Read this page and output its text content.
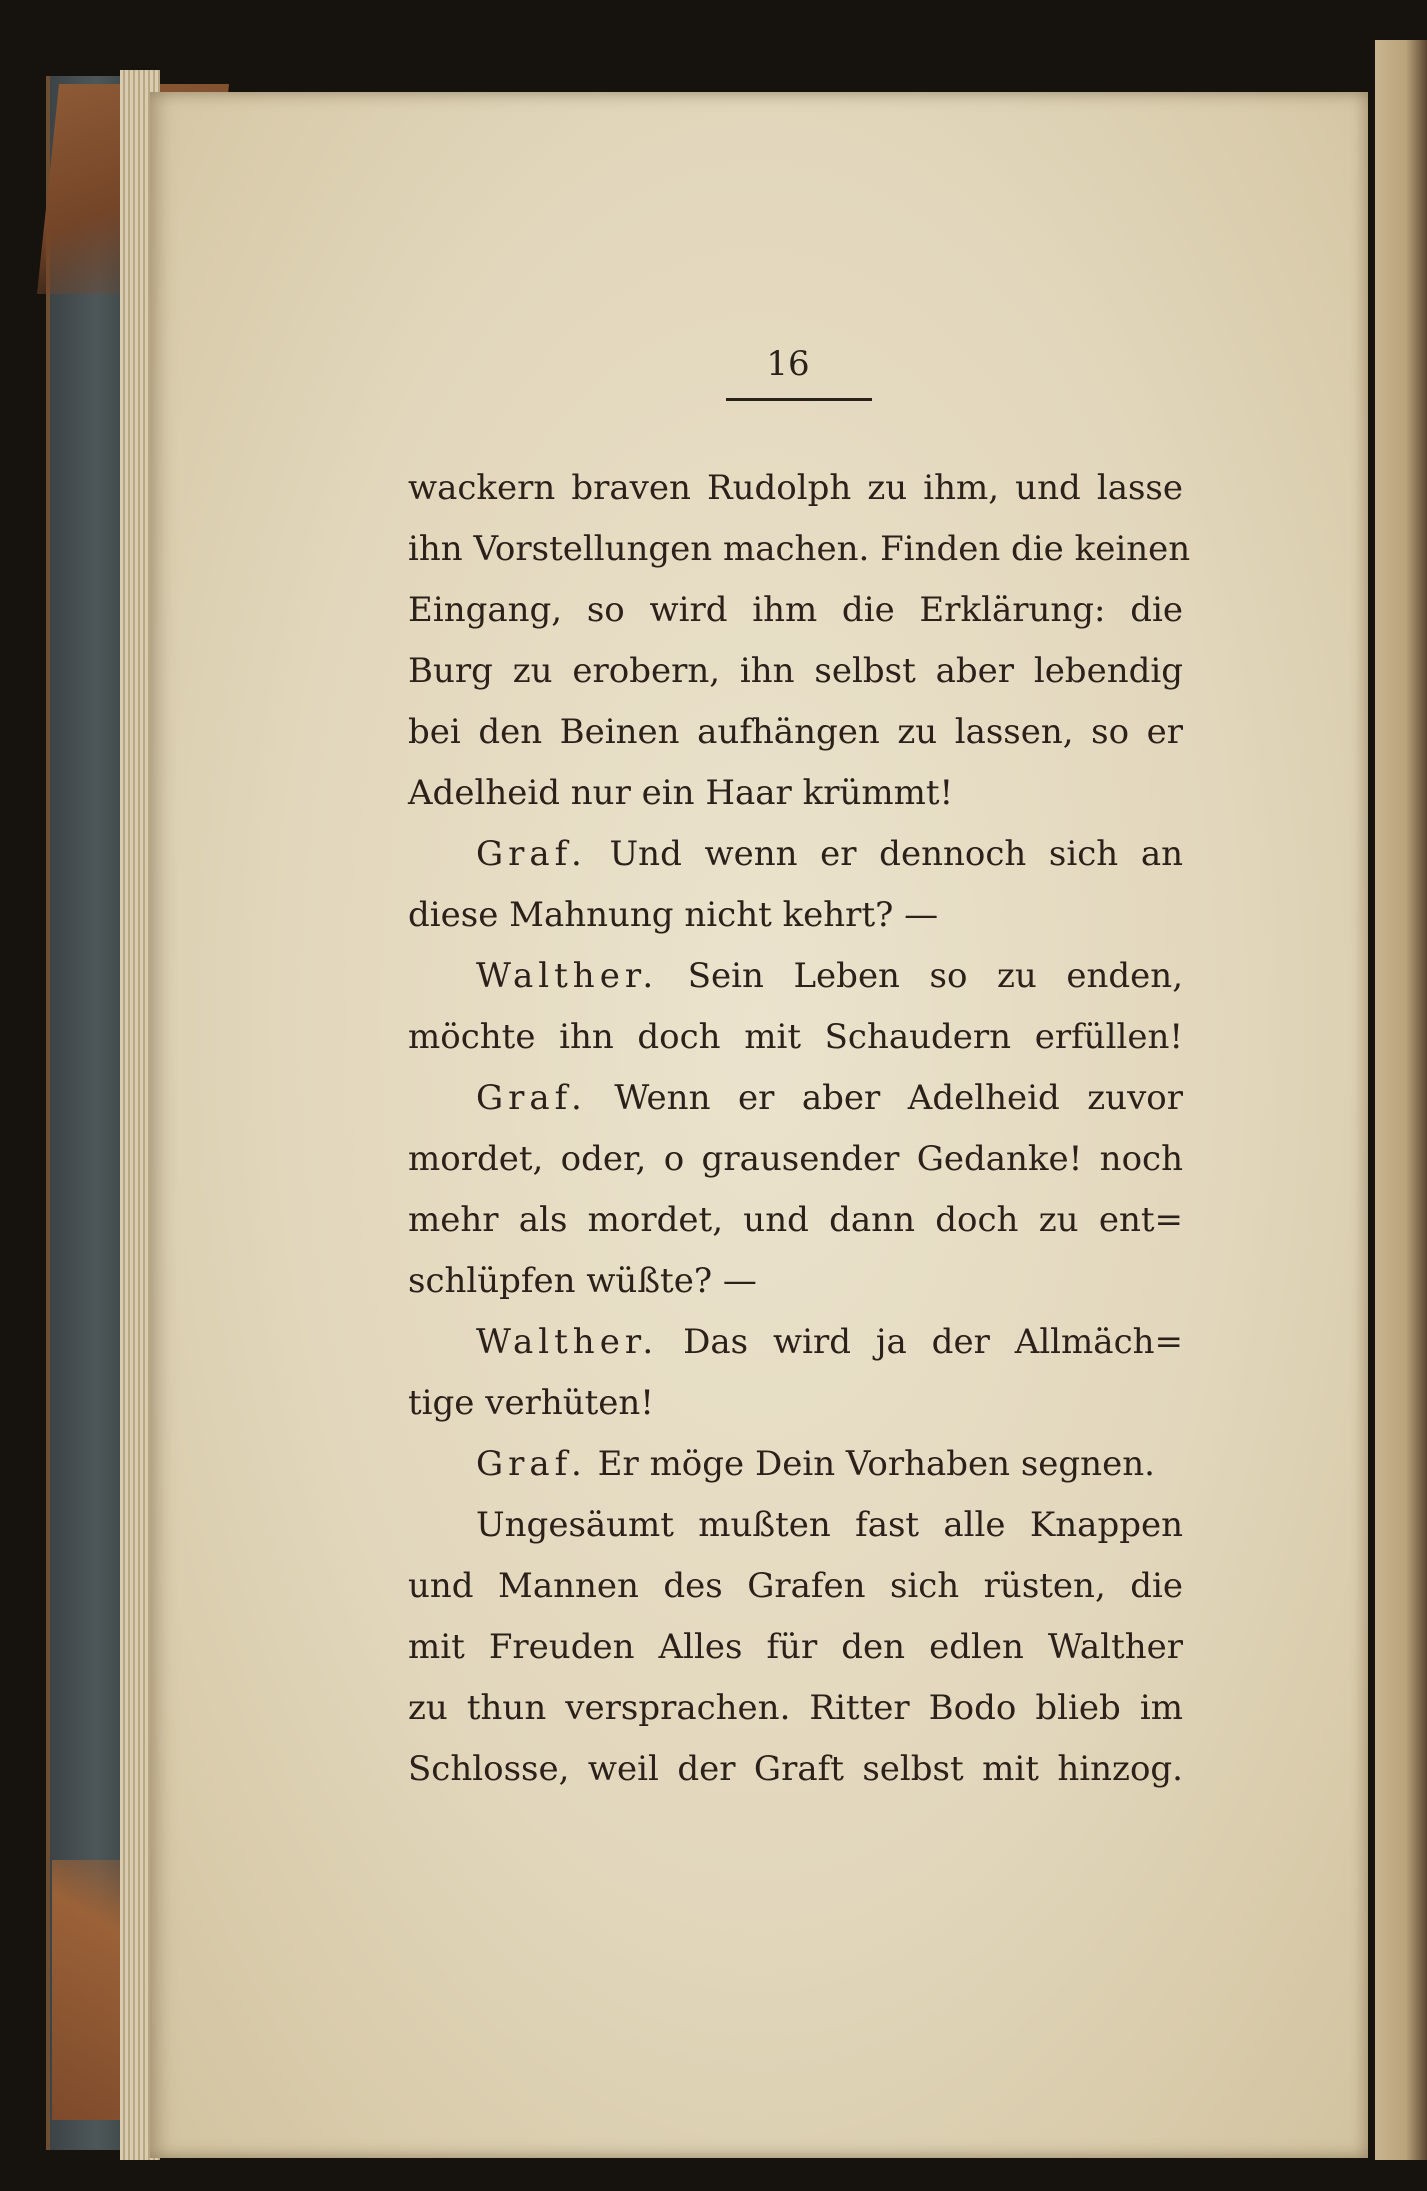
16
wackern braven Rudolph zu ihm, und lasse
ihn Vorstellungen machen. Finden die keinen
Eingang, so wird ihm die Erklärung: die
Burg zu erobern, ihn selbst aber lebendig
bei den Beinen aufhängen zu lassen, so er
Adelheid nur ein Haar krümmt!
Graf. Und wenn er dennoch sich an
diese Mahnung nicht kehrt? —
Walther. Sein Leben so zu enden,
möchte ihn doch mit Schaudern erfüllen!
Graf. Wenn er aber Adelheid zuvor
mordet, oder, o grausender Gedanke! noch
mehr als mordet, und dann doch zu ent=
schlüpfen wüßte? —
Walther. Das wird ja der Allmäch=
tige verhüten!
Graf. Er möge Dein Vorhaben segnen.
Ungesäumt mußten fast alle Knappen
und Mannen des Grafen sich rüsten, die
mit Freuden Alles für den edlen Walther
zu thun versprachen. Ritter Bodo blieb im
Schlosse, weil der Graft selbst mit hinzog.
